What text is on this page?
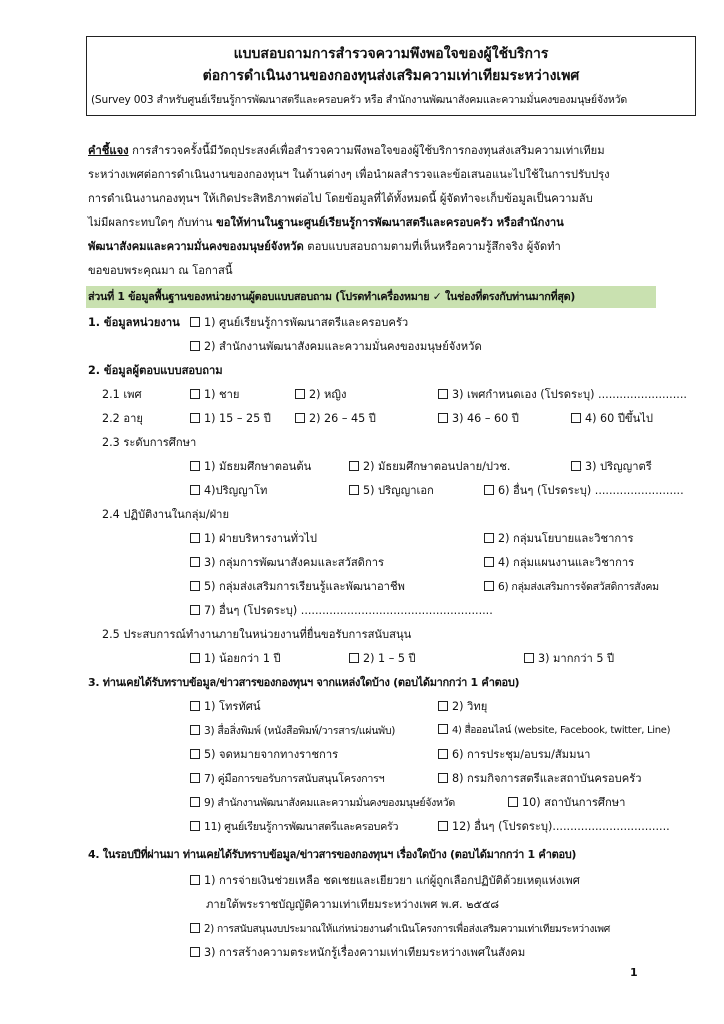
แบบสอบถามการสำรวจความพึงพอใจของผู้ใช้บริการ
ต่อการดำเนินงานของกองทุนส่งเสริมความเท่าเทียมระหว่างเพศ
(Survey 003 สำหรับศูนย์เรียนรู้การพัฒนาสตรีและครอบครัว หรือ สำนักงานพัฒนาสังคมและความมั่นคงของมนุษย์จังหวัด
คำชี้แจง การสำรวจครั้งนี้มีวัตถุประสงค์เพื่อสำรวจความพึงพอใจของผู้ใช้บริการกองทุนส่งเสริมความเท่าเทียม
ระหว่างเพศต่อการดำเนินงานของกองทุนฯ ในด้านต่างๆ เพื่อนำผลสำรวจและข้อเสนอแนะไปใช้ในการปรับปรุง
การดำเนินงานกองทุนฯ ให้เกิดประสิทธิภาพต่อไป โดยข้อมูลที่ได้ทั้งหมดนี้ ผู้จัดทำจะเก็บข้อมูลเป็นความลับ
ไม่มีผลกระทบใดๆ กับท่าน ขอให้ท่านในฐานะศูนย์เรียนรู้การพัฒนาสตรีและครอบครัว หรือสำนักงาน
พัฒนาสังคมและความมั่นคงของมนุษย์จังหวัด ตอบแบบสอบถามตามที่เห็นหรือความรู้สึกจริง ผู้จัดทำ
ขอขอบพระคุณมา ณ โอกาสนี้
ส่วนที่ 1 ข้อมูลพื้นฐานของหน่วยงานผู้ตอบแบบสอบถาม (โปรดทำเครื่องหมาย ✓ ในช่องที่ตรงกับท่านมากที่สุด)
1. ข้อมูลหน่วยงาน	1) ศูนย์เรียนรู้การพัฒนาสตรีและครอบครัว
2) สำนักงานพัฒนาสังคมและความมั่นคงของมนุษย์จังหวัด
2. ข้อมูลผู้ตอบแบบสอบถาม
2.1 เพศ	1) ชาย	2) หญิง	3) เพศกำหนดเอง (โปรดระบุ) .........................
2.2 อายุ	1) 15 – 25 ปี	2) 26 – 45 ปี	3) 46 – 60 ปี	4) 60 ปีขึ้นไป
2.3 ระดับการศึกษา
1) มัธยมศึกษาตอนต้น	2) มัธยมศึกษาตอนปลาย/ปวช.	3) ปริญญาตรี
4)ปริญญาโท	5) ปริญญาเอก	6) อื่นๆ (โปรดระบุ) .........................
2.4 ปฏิบัติงานในกลุ่ม/ฝ่าย
1) ฝ่ายบริหารงานทั่วไป	2) กลุ่มนโยบายและวิชาการ
3) กลุ่มการพัฒนาสังคมและสวัสดิการ	4) กลุ่มแผนงานและวิชาการ
5) กลุ่มส่งเสริมการเรียนรู้และพัฒนาอาชีพ	6) กลุ่มส่งเสริมการจัดสวัสดิการสังคม
7) อื่นๆ (โปรดระบุ) ......................................................
2.5 ประสบการณ์ทำงานภายในหน่วยงานที่ยื่นขอรับการสนับสนุน
1) น้อยกว่า 1 ปี	2) 1 – 5 ปี	3) มากกว่า 5 ปี
3. ท่านเคยได้รับทราบข้อมูล/ข่าวสารของกองทุนฯ จากแหล่งใดบ้าง (ตอบได้มากกว่า 1 คำตอบ)
1) โทรทัศน์	2) วิทยุ
3) สื่อสิ่งพิมพ์ (หนังสือพิมพ์/วารสาร/แผ่นพับ)	4) สื่อออนไลน์ (website, Facebook, twitter, Line)
5) จดหมายจากทางราชการ	6) การประชุม/อบรม/สัมมนา
7) คู่มือการขอรับการสนับสนุนโครงการฯ	8) กรมกิจการสตรีและสถาบันครอบครัว
9) สำนักงานพัฒนาสังคมและความมั่นคงของมนุษย์จังหวัด	10) สถาบันการศึกษา
11) ศูนย์เรียนรู้การพัฒนาสตรีและครอบครัว	12) อื่นๆ (โปรดระบุ).................................
4. ในรอบปีที่ผ่านมา ท่านเคยได้รับทราบข้อมูล/ข่าวสารของกองทุนฯ เรื่องใดบ้าง (ตอบได้มากกว่า 1 คำตอบ)
1) การจ่ายเงินช่วยเหลือ ชดเชยและเยียวยา แก่ผู้ถูกเลือกปฏิบัติด้วยเหตุแห่งเพศ
ภายใต้พระราชบัญญัติความเท่าเทียมระหว่างเพศ พ.ศ. ๒๕๕๘
2) การสนับสนุนงบประมาณให้แก่หน่วยงานดำเนินโครงการเพื่อส่งเสริมความเท่าเทียมระหว่างเพศ
3) การสร้างความตระหนักรู้เรื่องความเท่าเทียมระหว่างเพศในสังคม
1
